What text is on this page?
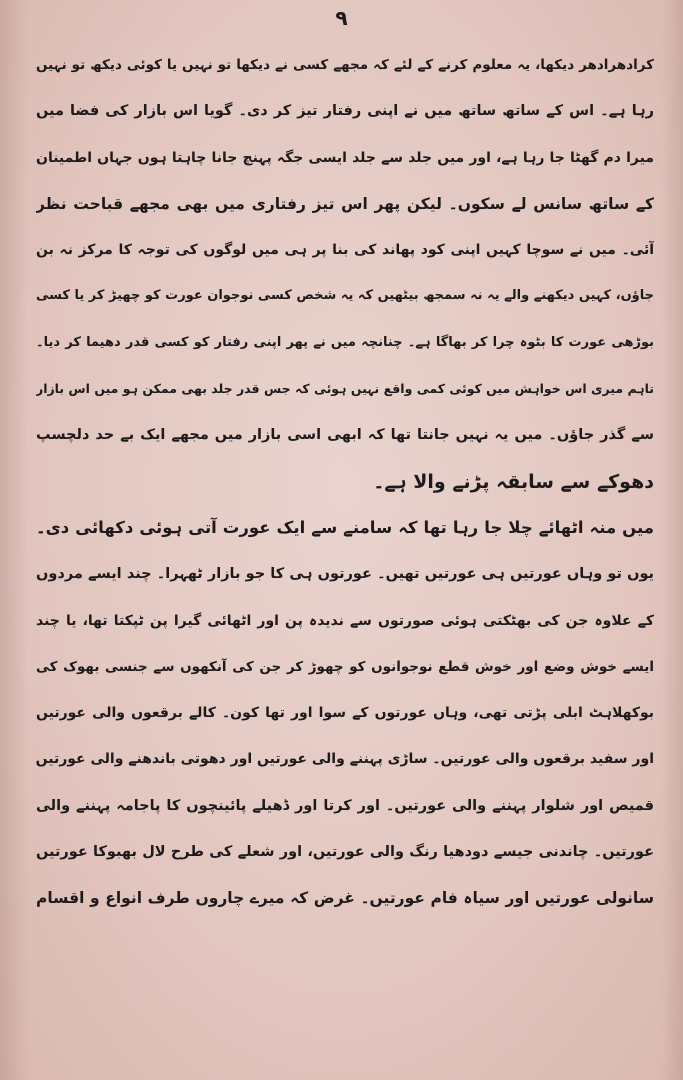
۹
کرادھرادھر دیکھا، یہ معلوم کرنے کے لئے کہ مجھے کسی نے دیکھا تو نہیں یا کوئی دیکھ تو نہیں
رہا ہے۔ اس کے ساتھ ساتھ میں نے اپنی رفتار تیز کر دی۔ گویا اس بازار کی فضا میں
میرا دم گھٹا جا رہا ہے، اور میں جلد سے جلد ایسی جگہ پہنچ جانا چاہتا ہوں جہاں اطمینان
کے ساتھ سانس لے سکوں۔ لیکن پھر اس تیز رفتاری میں بھی مجھے قباحت نظر
آئی۔ میں نے سوچا کہیں اپنی کود پھاند کی بنا پر ہی میں لوگوں کی توجہ کا مرکز نہ بن
جاؤں، کہیں دیکھنے والے یہ نہ سمجھ بیٹھیں کہ یہ شخص کسی نوجوان عورت کو چھیڑ کر یا کسی
بوڑھی عورت کا بٹوہ چرا کر بھاگا ہے۔ چنانچہ میں نے پھر اپنی رفتار کو کسی قدر دھیما کر دیا۔
تاہم میری اس خواہش میں کوئی کمی واقع نہیں ہوئی کہ جس قدر جلد بھی ممکن ہو میں اس بازار
سے گذر جاؤں۔ میں یہ نہیں جانتا تھا کہ ابھی اسی بازار میں مجھے ایک بے حد دلچسپ
دھوکے سے سابقہ پڑنے والا ہے۔
میں منہ اٹھائے چلا جا رہا تھا کہ سامنے سے ایک عورت آتی ہوئی دکھائی دی۔
یوں تو وہاں عورتیں ہی عورتیں تھیں۔ عورتوں ہی کا جو بازار ٹھہرا۔ چند ایسے مردوں
کے علاوہ جن کی بھٹکتی ہوئی صورتوں سے ندیدہ پن اور اٹھائی گیرا پن ٹپکتا تھا، یا چند
ایسے خوش وضع اور خوش قطع نوجوانوں کو چھوڑ کر جن کی آنکھوں سے جنسی بھوک کی
بوکھلاہٹ ابلی پڑتی تھی، وہاں عورتوں کے سوا اور تھا کون۔ کالے برقعوں والی عورتیں
اور سفید برقعوں والی عورتیں۔ ساڑی پہننے والی عورتیں اور دھوتی باندھنے والی عورتیں
قمیص اور شلوار پہننے والی عورتیں۔ اور کرتا اور ڈھیلے پائینچوں کا پاجامہ پہننے والی
عورتیں۔ چاندنی جیسے دودھیا رنگ والی عورتیں، اور شعلے کی طرح لال بھبوکا عورتیں
سانولی عورتیں اور سیاہ فام عورتیں۔ غرض کہ میرے چاروں طرف انواع و اقسام
